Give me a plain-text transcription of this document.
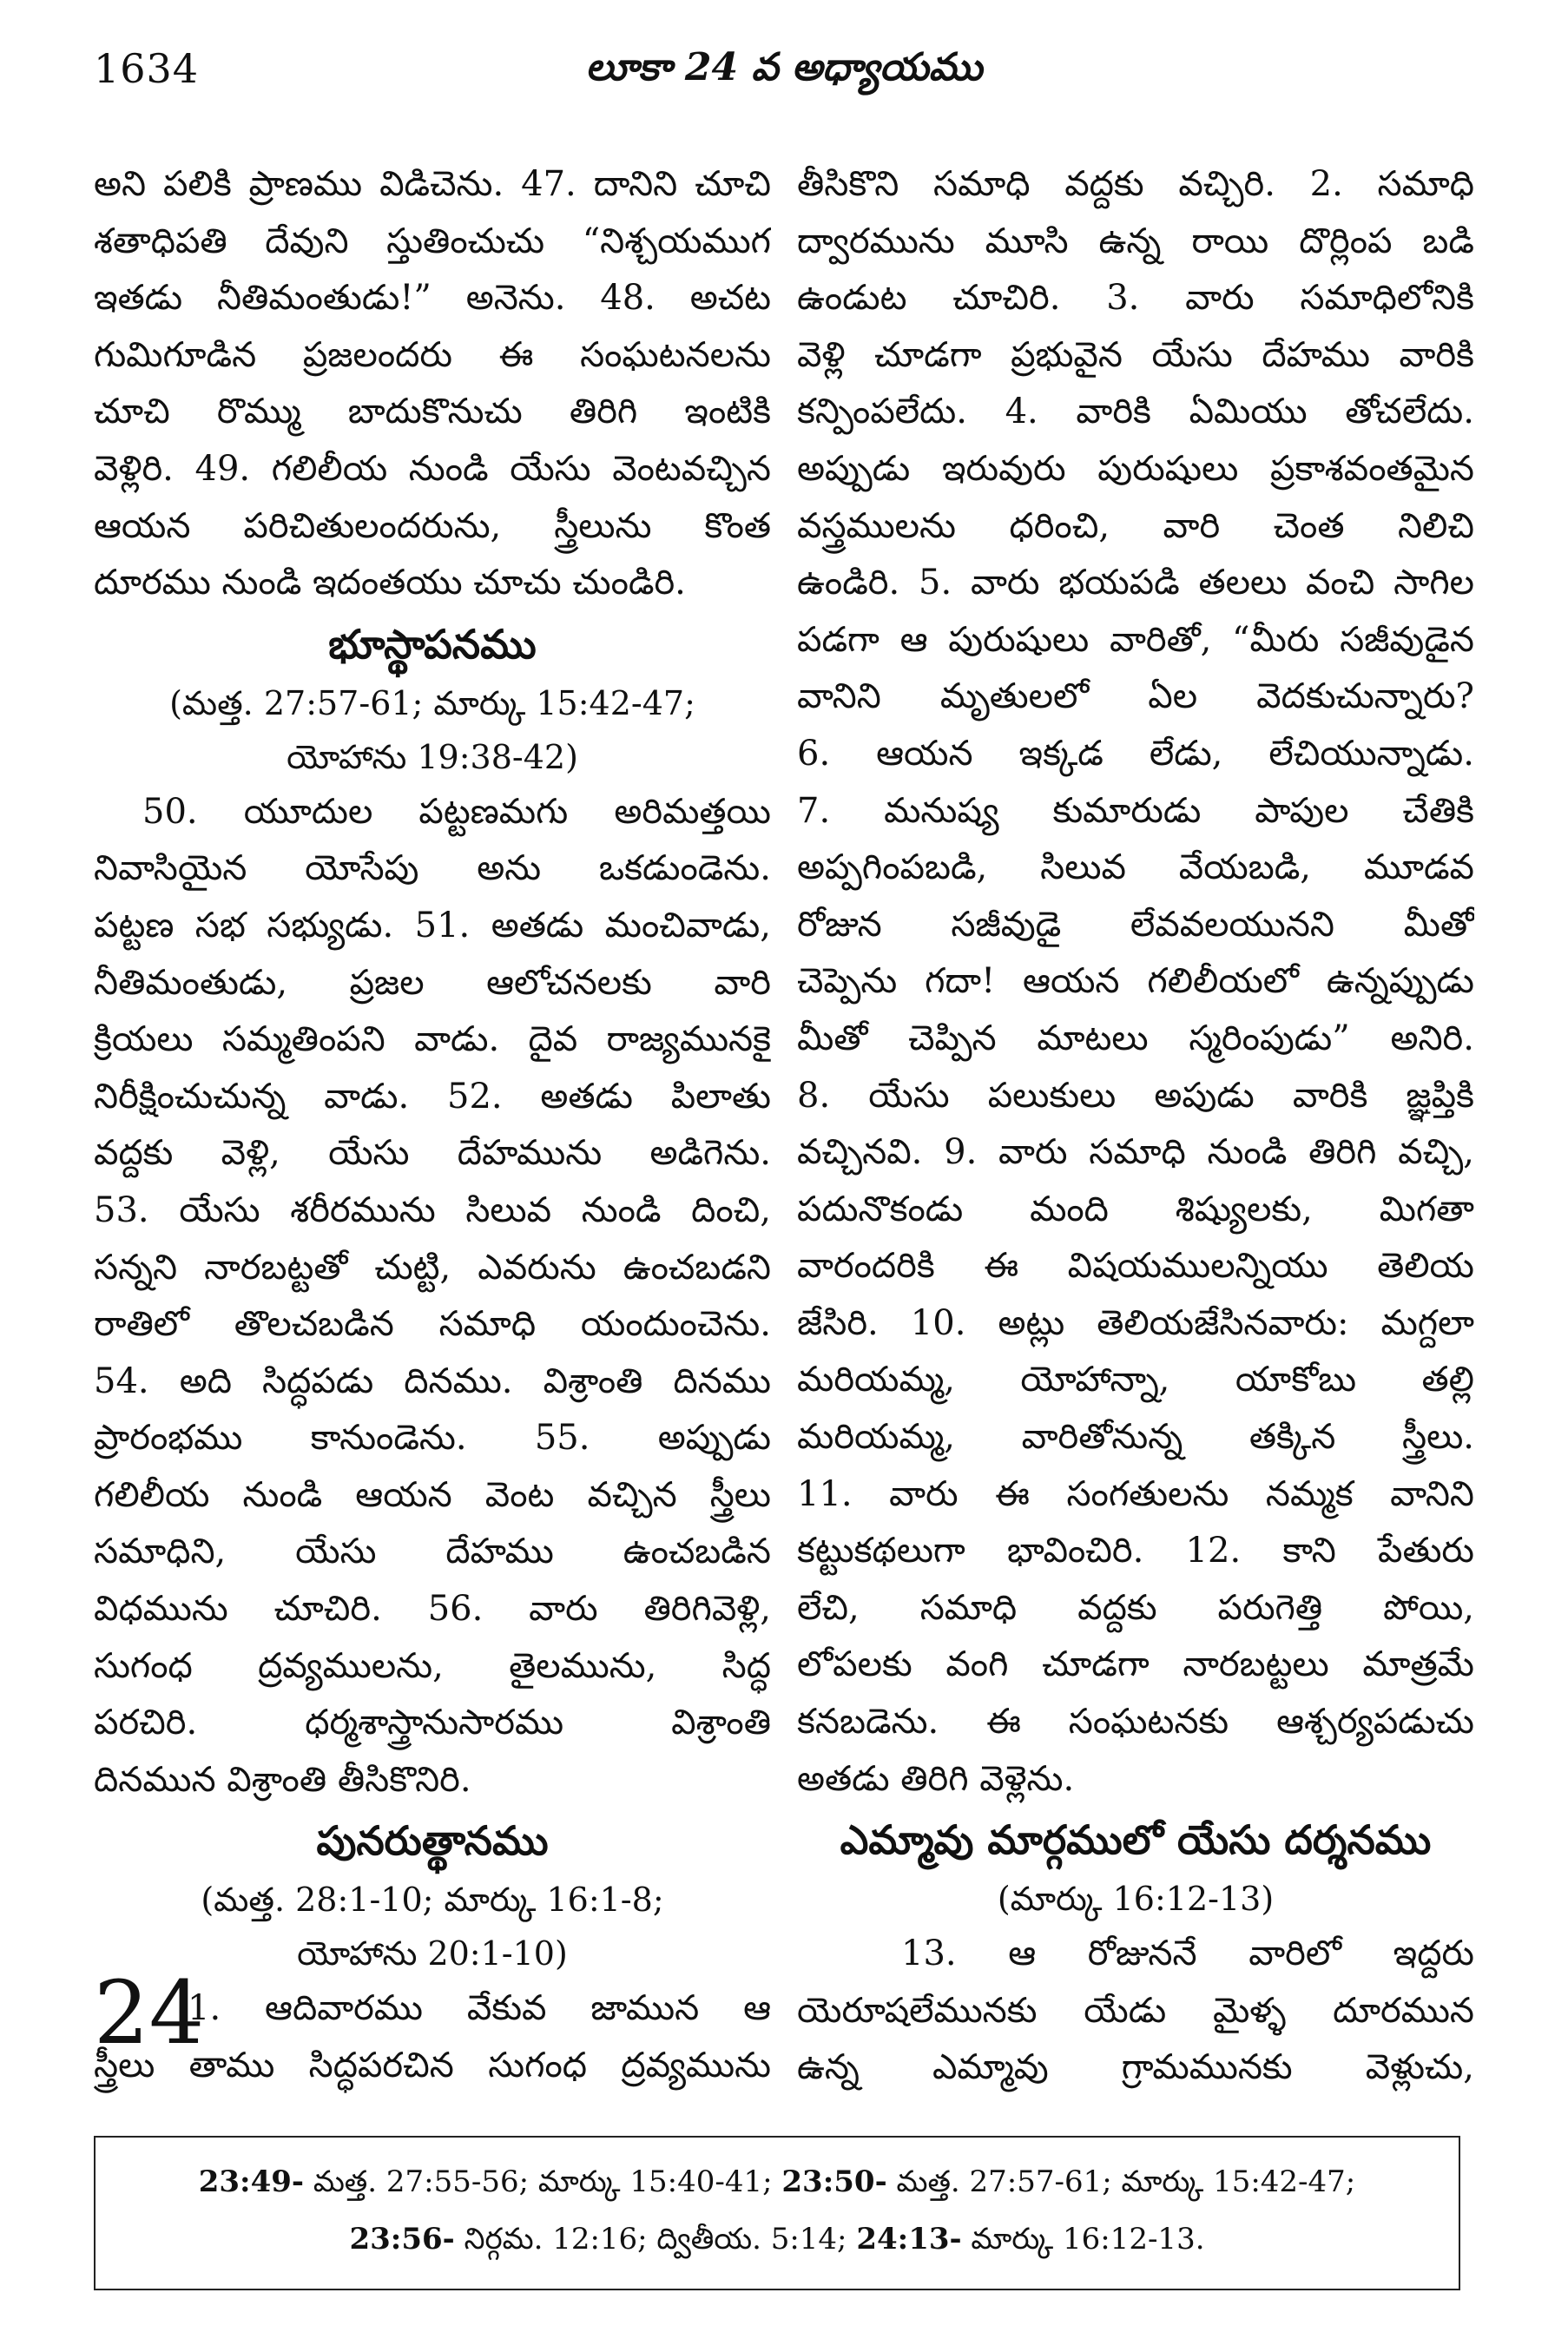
1634	లూకా 24 వ అధ్యాయము
అని పలికి ప్రాణము విడిచెను. 47. దానిని చూచి
శతాధిపతి దేవుని స్తుతించుచు “నిశ్చయముగ
ఇతడు నీతిమంతుడు!” అనెను. 48. అచట
గుమిగూడిన ప్రజలందరు ఈ సంఘటనలను
చూచి రొమ్ము బాదుకొనుచు తిరిగి ఇంటికి
వెళ్లిరి. 49. గలిలీయ నుండి యేసు వెంటవచ్చిన
ఆయన పరిచితులందరును, స్త్రీలును కొంత
దూరము నుండి ఇదంతయు చూచు చుండిరి.
భూస్థాపనము
(మత్త. 27:57-61; మార్కు 15:42-47;
యోహాను 19:38-42)
50. యూదుల పట్టణమగు అరిమత్తయి
నివాసియైన యోసేపు అను ఒకడుండెను.
పట్టణ సభ సభ్యుడు. 51. అతడు మంచివాడు,
నీతిమంతుడు, ప్రజల ఆలోచనలకు వారి
క్రియలు సమ్మతింపని వాడు. దైవ రాజ్యమునకై
నిరీక్షించుచున్న వాడు. 52. అతడు పిలాతు
వద్దకు వెళ్లి, యేసు దేహమును అడిగెను.
53. యేసు శరీరమును సిలువ నుండి దించి,
సన్నని నారబట్టతో చుట్టి, ఎవరును ఉంచబడని
రాతిలో తొలచబడిన సమాధి యందుంచెను.
54. అది సిద్ధపడు దినము. విశ్రాంతి దినము
ప్రారంభము కానుండెను. 55. అప్పుడు
గలిలీయ నుండి ఆయన వెంట వచ్చిన స్త్రీలు
సమాధిని, యేసు దేహము ఉంచబడిన
విధమును చూచిరి. 56. వారు తిరిగివెళ్లి,
సుగంధ ద్రవ్యములను, తైలమును, సిద్ధ
పరచిరి. ధర్మశాస్త్రానుసారము విశ్రాంతి
దినమున విశ్రాంతి తీసికొనిరి.
పునరుత్థానము
(మత్త. 28:1-10; మార్కు 16:1-8;
యోహాను 20:1-10)
24
1. ఆదివారము వేకువ జామున ఆ
స్త్రీలు తాము సిద్ధపరచిన సుగంధ ద్రవ్యమును
తీసికొని సమాధి వద్దకు వచ్చిరి. 2. సమాధి
ద్వారమును మూసి ఉన్న రాయి దొర్లింప బడి
ఉండుట చూచిరి. 3. వారు సమాధిలోనికి
వెళ్లి చూడగా ప్రభువైన యేసు దేహము వారికి
కన్పింపలేదు. 4. వారికి ఏమియు తోచలేదు.
అప్పుడు ఇరువురు పురుషులు ప్రకాశవంతమైన
వస్త్రములను ధరించి, వారి చెంత నిలిచి
ఉండిరి. 5. వారు భయపడి తలలు వంచి సాగిల
పడగా ఆ పురుషులు వారితో, “మీరు సజీవుడైన
వానిని మృతులలో ఏల వెదకుచున్నారు?
6. ఆయన ఇక్కడ లేడు, లేచియున్నాడు.
7. మనుష్య కుమారుడు పాపుల చేతికి
అప్పగింపబడి, సిలువ వేయబడి, మూడవ
రోజున సజీవుడై లేవవలయునని మీతో
చెప్పెను గదా! ఆయన గలిలీయలో ఉన్నప్పుడు
మీతో చెప్పిన మాటలు స్మరింపుడు” అనిరి.
8. యేసు పలుకులు అపుడు వారికి జ్ఞప్తికి
వచ్చినవి. 9. వారు సమాధి నుండి తిరిగి వచ్చి,
పదునొకండు మంది శిష్యులకు, మిగతా
వారందరికి ఈ విషయములన్నియు తెలియ
జేసిరి. 10. అట్లు తెలియజేసినవారు: మగ్దలా
మరియమ్మ, యోహాన్నా, యాకోబు తల్లి
మరియమ్మ, వారితోనున్న తక్కిన స్త్రీలు.
11. వారు ఈ సంగతులను నమ్మక వానిని
కట్టుకథలుగా భావించిరి. 12. కాని పేతురు
లేచి, సమాధి వద్దకు పరుగెత్తి పోయి,
లోపలకు వంగి చూడగా నారబట్టలు మాత్రమే
కనబడెను. ఈ సంఘటనకు ఆశ్చర్యపడుచు
అతడు తిరిగి వెళ్లెను.
ఎమ్మావు మార్గములో యేసు దర్శనము
(మార్కు 16:12-13)
13. ఆ రోజుననే వారిలో ఇద్దరు
యెరూషలేమునకు యేడు మైళ్ళ దూరమున
ఉన్న ఎమ్మావు గ్రామమునకు వెళ్లుచు,
23:49- మత్త. 27:55-56; మార్కు 15:40-41; 23:50- మత్త. 27:57-61; మార్కు 15:42-47;
23:56- నిర్గమ. 12:16; ద్వితీయ. 5:14; 24:13- మార్కు 16:12-13.
